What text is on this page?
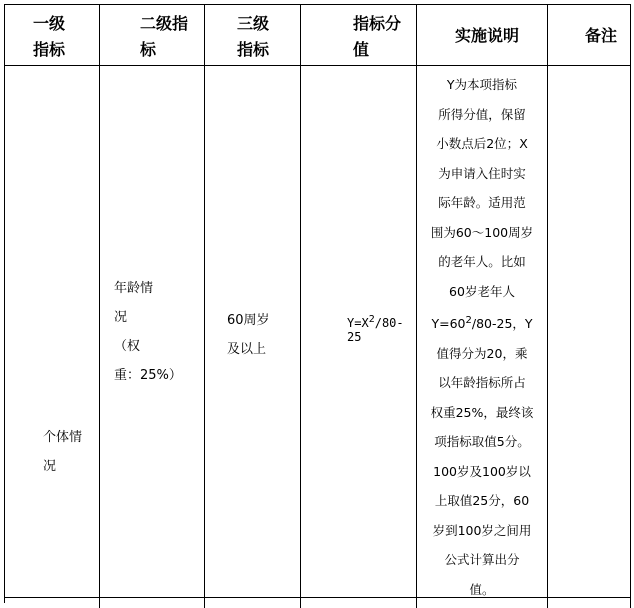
一级
指标
二级指
标
三级
指标
指标分
值
实施说明	备注
个体情
况
年龄情
况
（权
重：25%）
60周岁
及以上
$Y=X^2/80-$
25
Y为本项指标
所得分值，保留
小数点后2位；X
为申请入住时实
际年龄。适用范
围为60～100周岁
的老年人。比如
60岁老年人
$Y=60^2/80-25$，Y
值得分为20，乘
以年龄指标所占
权重25%，最终该
项指标取值5分。
100岁及100岁以
上取值25分，60
岁到100岁之间用
公式计算出分
值。
